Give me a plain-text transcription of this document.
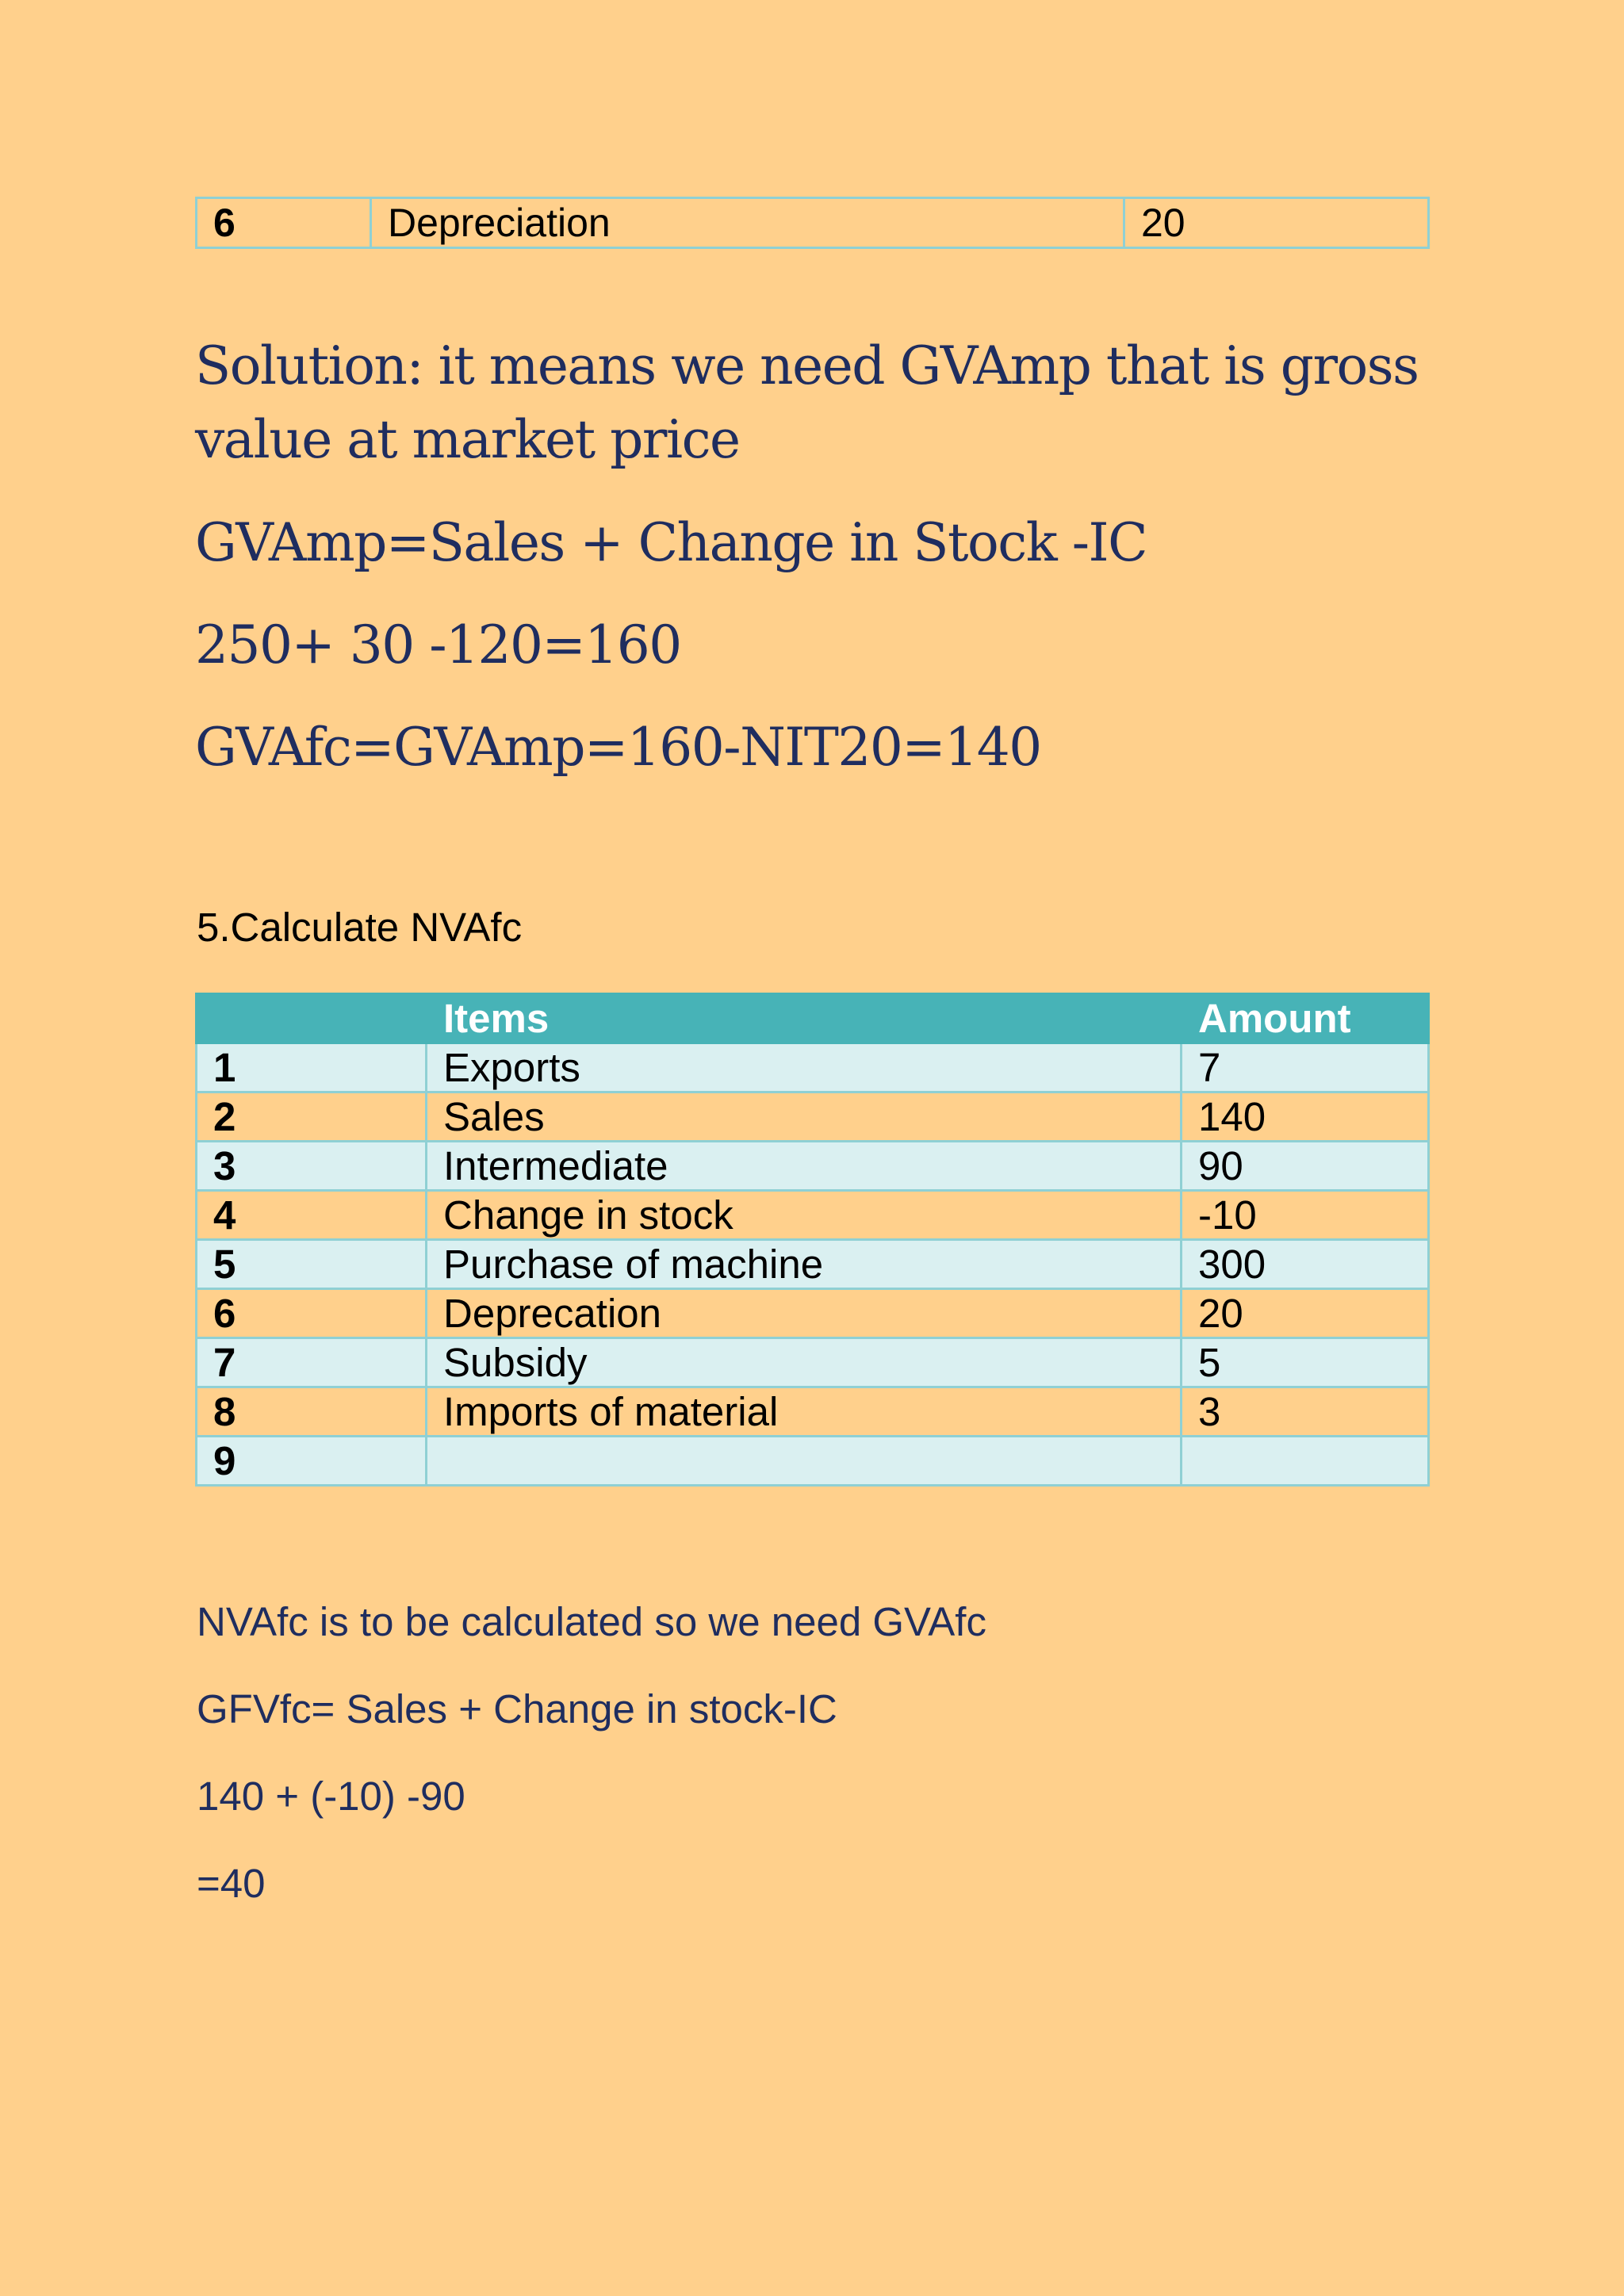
6	Depreciation	20
Solution: it means we need GVAmp that is gross
value at market price
GVAmp=Sales + Change in Stock -IC
250+ 30 -120=160
GVAfc=GVAmp=160-NIT20=140
5.Calculate NVAfc
	Items	Amount
1	Exports	7
2	Sales	140
3	Intermediate	90
4	Change in stock	-10
5	Purchase of machine	300
6	Deprecation	20
7	Subsidy	5
8	Imports of material	3
9		
NVAfc is to be calculated so we need GVAfc
GFVfc= Sales + Change in stock-IC
140 + (-10) -90
=40
